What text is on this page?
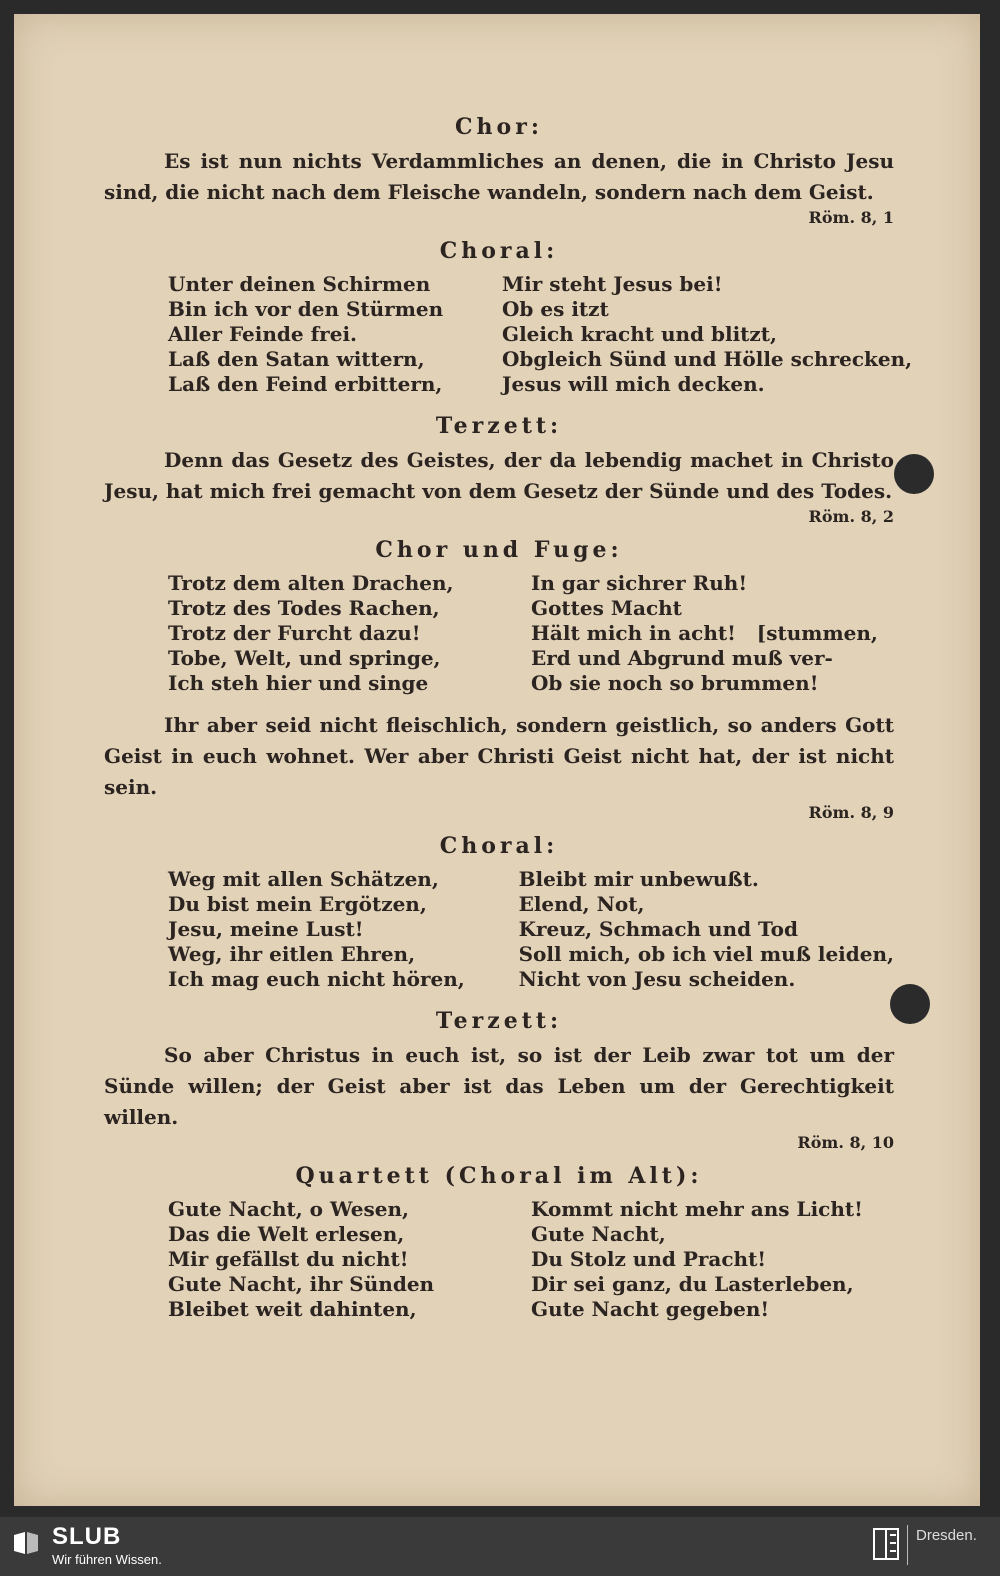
Chor:

Es ist nun nichts Verdammliches an denen, die in Christo Jesu sind, die nicht nach dem Fleische wandeln, sondern nach dem Geist.

Röm. 8, 1

Choral:
Unter deinen Schirmen
Bin ich vor den Stürmen
Aller Feinde frei.
Laß den Satan wittern,
Laß den Feind erbittern,
Mir steht Jesus bei!
Ob es itzt
Gleich kracht und blitzt,
Obgleich Sünd und Hölle schrecken,
Jesus will mich decken.
Terzett:

Denn das Gesetz des Geistes, der da lebendig machet in Christo Jesu, hat mich frei gemacht von dem Gesetz der Sünde und des Todes.

Röm. 8, 2

Chor und Fuge:
Trotz dem alten Drachen,
Trotz des Todes Rachen,
Trotz der Furcht dazu!
Tobe, Welt, und springe,
Ich steh hier und singe
In gar sichrer Ruh!
Gottes Macht
Hält mich in acht!   [stummen,
Erd und Abgrund muß ver-
Ob sie noch so brummen!

Ihr aber seid nicht fleischlich, sondern geistlich, so anders Gott Geist in euch wohnet. Wer aber Christi Geist nicht hat, der ist nicht sein.

Röm. 8, 9

Choral:
Weg mit allen Schätzen,
Du bist mein Ergötzen,
Jesu, meine Lust!
Weg, ihr eitlen Ehren,
Ich mag euch nicht hören,
Bleibt mir unbewußt.
Elend, Not,
Kreuz, Schmach und Tod
Soll mich, ob ich viel muß leiden,
Nicht von Jesu scheiden.
Terzett:

So aber Christus in euch ist, so ist der Leib zwar tot um der Sünde willen; der Geist aber ist das Leben um der Gerechtigkeit willen.

Röm. 8, 10

Quartett (Choral im Alt):
Gute Nacht, o Wesen,
Das die Welt erlesen,
Mir gefällst du nicht!
Gute Nacht, ihr Sünden
Bleibet weit dahinten,
Kommt nicht mehr ans Licht!
Gute Nacht,
Du Stolz und Pracht!
Dir sei ganz, du Lasterleben,
Gute Nacht gegeben!
SLUB
Wir führen Wissen.
Dresden.
